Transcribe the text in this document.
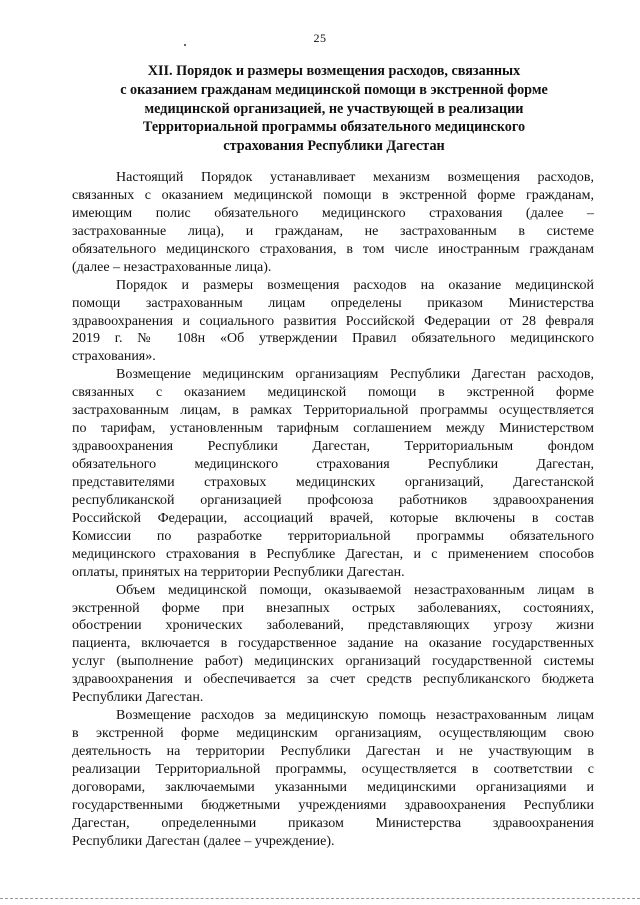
25
XII. Порядок и размеры возмещения расходов, связанных
с оказанием гражданам медицинской помощи в экстренной форме
медицинской организацией, не участвующей в реализации
Территориальной программы обязательного медицинского
страхования Республики Дагестан
Настоящий Порядок устанавливает механизм возмещения расходов,
связанных с оказанием медицинской помощи в экстренной форме гражданам,
имеющим полис обязательного медицинского страхования (далее –
застрахованные лица), и гражданам, не застрахованным в системе
обязательного медицинского страхования, в том числе иностранным гражданам
(далее – незастрахованные лица).
Порядок и размеры возмещения расходов на оказание медицинской
помощи застрахованным лицам определены приказом Министерства
здравоохранения и социального развития Российской Федерации от 28 февраля
2019 г. № 108н «Об утверждении Правил обязательного медицинского
страхования».
Возмещение медицинским организациям Республики Дагестан расходов,
связанных с оказанием медицинской помощи в экстренной форме
застрахованным лицам, в рамках Территориальной программы осуществляется
по тарифам, установленным тарифным соглашением между Министерством
здравоохранения Республики Дагестан, Территориальным фондом
обязательного медицинского страхования Республики Дагестан,
представителями страховых медицинских организаций, Дагестанской
республиканской организацией профсоюза работников здравоохранения
Российской Федерации, ассоциаций врачей, которые включены в состав
Комиссии по разработке территориальной программы обязательного
медицинского страхования в Республике Дагестан, и с применением способов
оплаты, принятых на территории Республики Дагестан.
Объем медицинской помощи, оказываемой незастрахованным лицам в
экстренной форме при внезапных острых заболеваниях, состояниях,
обострении хронических заболеваний, представляющих угрозу жизни
пациента, включается в государственное задание на оказание государственных
услуг (выполнение работ) медицинских организаций государственной системы
здравоохранения и обеспечивается за счет средств республиканского бюджета
Республики Дагестан.
Возмещение расходов за медицинскую помощь незастрахованным лицам
в экстренной форме медицинским организациям, осуществляющим свою
деятельность на территории Республики Дагестан и не участвующим в
реализации Территориальной программы, осуществляется в соответствии с
договорами, заключаемыми указанными медицинскими организациями и
государственными бюджетными учреждениями здравоохранения Республики
Дагестан, определенными приказом Министерства здравоохранения
Республики Дагестан (далее – учреждение).
